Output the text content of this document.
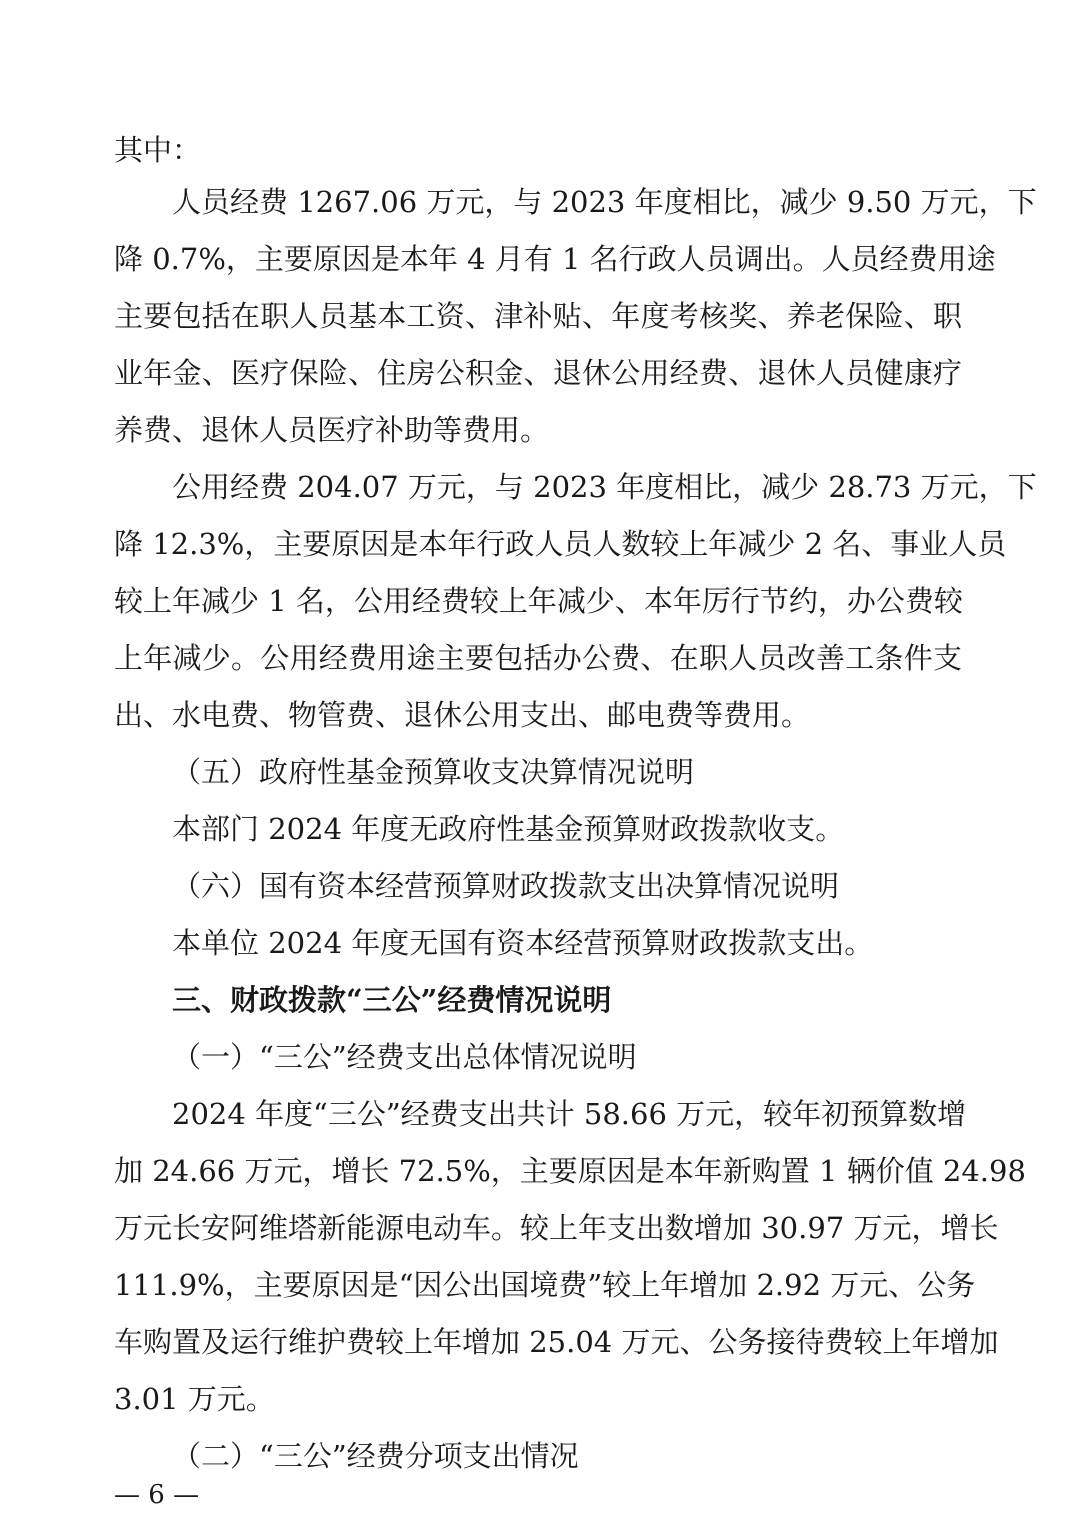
其中：
人员经费 1267.06 万元，与 2023 年度相比，减少 9.50 万元，下
降 0.7%，主要原因是本年 4 月有 1 名行政人员调出。人员经费用途
主要包括在职人员基本工资、津补贴、年度考核奖、养老保险、职
业年金、医疗保险、住房公积金、退休公用经费、退休人员健康疗
养费、退休人员医疗补助等费用。
公用经费 204.07 万元，与 2023 年度相比，减少 28.73 万元，下
降 12.3%，主要原因是本年行政人员人数较上年减少 2 名、事业人员
较上年减少 1 名，公用经费较上年减少、本年厉行节约，办公费较
上年减少。公用经费用途主要包括办公费、在职人员改善工条件支
出、水电费、物管费、退休公用支出、邮电费等费用。
（五）政府性基金预算收支决算情况说明
本部门 2024 年度无政府性基金预算财政拨款收支。
（六）国有资本经营预算财政拨款支出决算情况说明
本单位 2024 年度无国有资本经营预算财政拨款支出。
三、财政拨款“三公”经费情况说明
（一）“三公”经费支出总体情况说明
2024 年度“三公”经费支出共计 58.66 万元，较年初预算数增
加 24.66 万元，增长 72.5%，主要原因是本年新购置 1 辆价值 24.98
万元长安阿维塔新能源电动车。较上年支出数增加 30.97 万元，增长
111.9%，主要原因是“因公出国境费”较上年增加 2.92 万元、公务
车购置及运行维护费较上年增加 25.04 万元、公务接待费较上年增加
3.01 万元。
（二）“三公”经费分项支出情况
— 6 —
